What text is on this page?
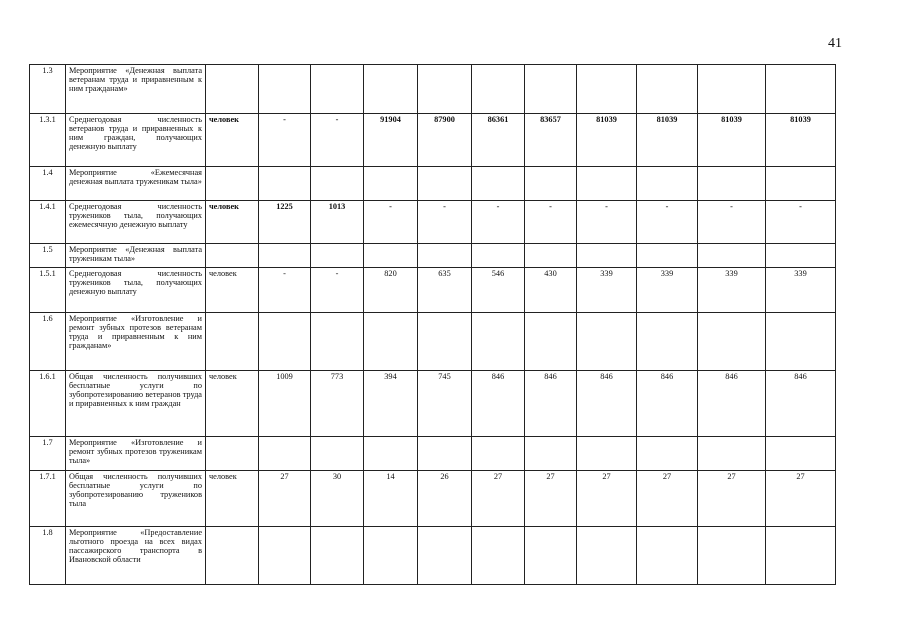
41
1.3	Мероприятие «Денежная выплата ветеранам труда и приравненным к ним гражданам»											
1.3.1	Среднегодовая численность ветеранов труда и приравненных к ним граждан, получающих денежную выплату	человек	-	-	91904	87900	86361	83657	81039	81039	81039	81039
1.4	Мероприятие «Ежемесячная денежная выплата труженикам тыла»											
1.4.1	Среднегодовая численность тружеников тыла, получающих ежемесячную денежную выплату	человек	1225	1013	-	-	-	-	-	-	-	-
1.5	Мероприятие «Денежная выплата труженикам тыла»											
1.5.1	Среднегодовая численность тружеников тыла, получающих денежную выплату	человек	-	-	820	635	546	430	339	339	339	339
1.6	Мероприятие «Изготовление и ремонт зубных протезов ветеранам труда и приравненным к ним гражданам»											
1.6.1	Общая численность получивших бесплатные услуги по зубопротезированию ветеранов труда и приравненных к ним граждан	человек	1009	773	394	745	846	846	846	846	846	846
1.7	Мероприятие «Изготовление и ремонт зубных протезов труженикам тыла»											
1.7.1	Общая численность получивших бесплатные услуги по зубопротезированию тружеников тыла	человек	27	30	14	26	27	27	27	27	27	27
1.8	Мероприятие «Предоставление льготного проезда на всех видах пассажирского транспорта в Ивановской области											
